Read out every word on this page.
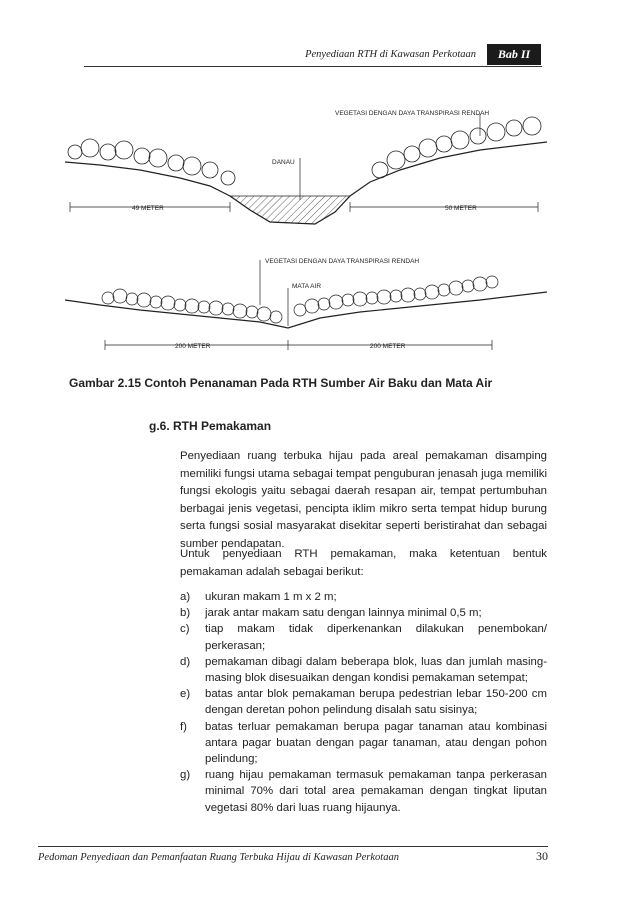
Penyediaan RTH di Kawasan Perkotaan	Bab II
VEGETASI DENGAN DAYA TRANSPIRASI RENDAH
DANAU
49 METER	50 METER
VEGETASI DENGAN DAYA TRANSPIRASI RENDAH
MATA AIR
200 METER	200 METER
Gambar 2.15 Contoh Penanaman Pada RTH Sumber Air Baku dan Mata Air
g.6. RTH Pemakaman
Penyediaan ruang terbuka hijau pada areal pemakaman disamping memiliki fungsi utama sebagai tempat penguburan jenasah juga memiliki fungsi ekologis yaitu sebagai daerah resapan air, tempat pertumbuhan berbagai jenis vegetasi, pencipta iklim mikro serta tempat hidup burung serta fungsi sosial masyarakat disekitar seperti beristirahat dan sebagai sumber pendapatan.
Untuk penyediaan RTH pemakaman, maka ketentuan bentuk pemakaman adalah sebagai berikut:
a)	ukuran makam 1 m x 2 m;
b)	jarak antar makam satu dengan lainnya minimal 0,5 m;
c)	tiap makam tidak diperkenankan dilakukan penembokan/ perkerasan;
d)	pemakaman dibagi dalam beberapa blok, luas dan jumlah masing-masing blok disesuaikan dengan kondisi pemakaman setempat;
e)	batas antar blok pemakaman berupa pedestrian lebar 150-200 cm dengan deretan pohon pelindung disalah satu sisinya;
f)	batas terluar pemakaman berupa pagar tanaman atau kombinasi antara pagar buatan dengan pagar tanaman, atau dengan pohon pelindung;
g)	ruang hijau pemakaman termasuk pemakaman tanpa perkerasan minimal 70% dari total area pemakaman dengan tingkat liputan vegetasi 80% dari luas ruang hijaunya.
Pedoman Penyediaan dan Pemanfaatan Ruang Terbuka Hijau di Kawasan Perkotaan	30
